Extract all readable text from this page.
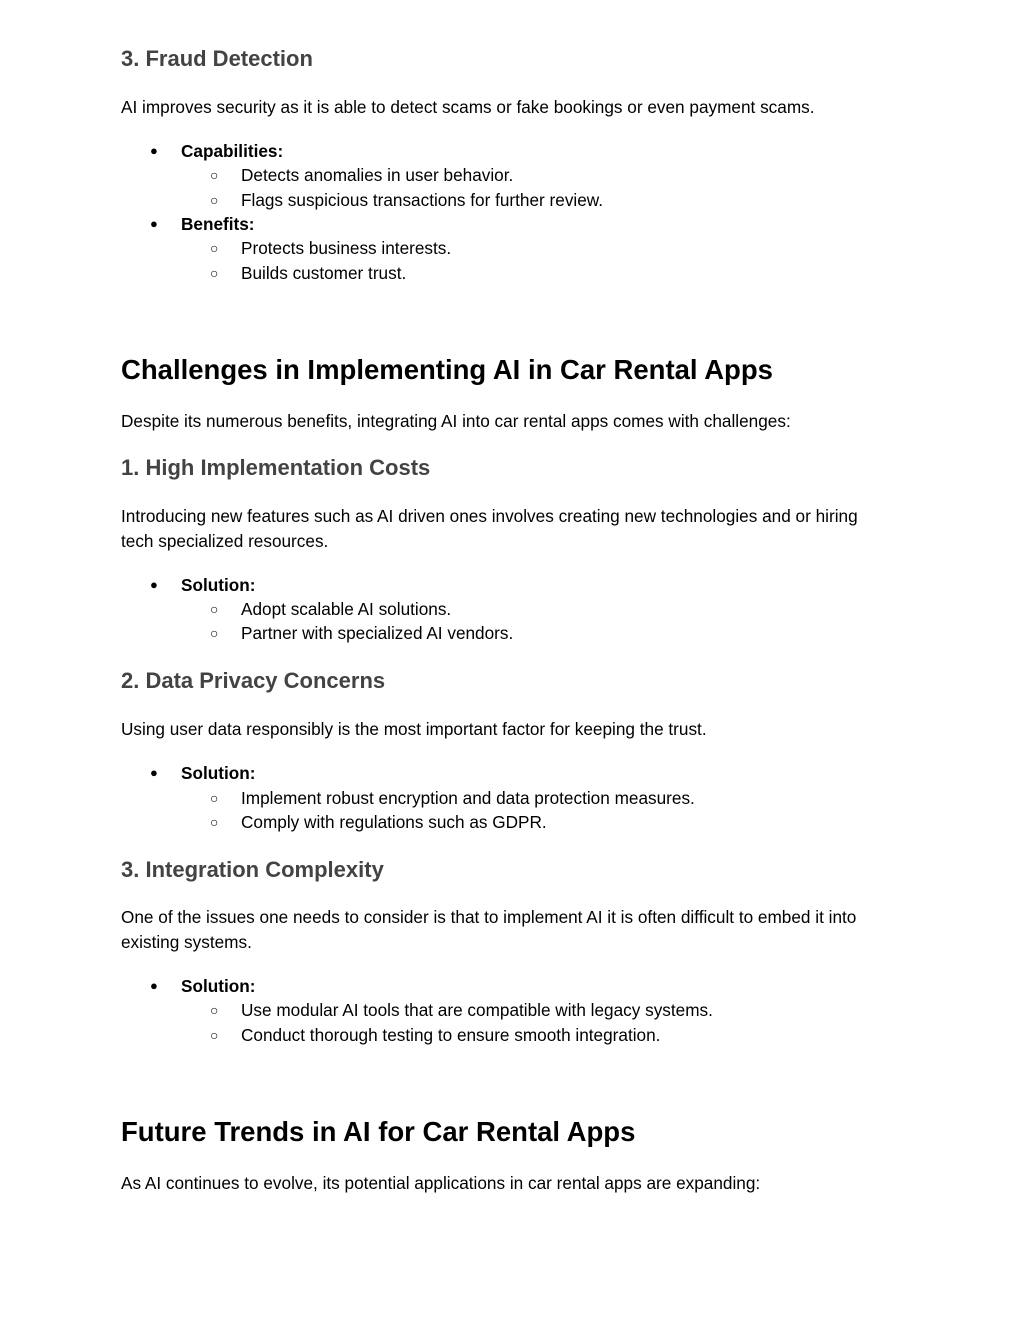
3. Fraud Detection

AI improves security as it is able to detect scams or fake bookings or even payment scams.

● Capabilities:
○ Detects anomalies in user behavior.
○ Flags suspicious transactions for further review.
● Benefits:
○ Protects business interests.
○ Builds customer trust.
Challenges in Implementing AI in Car Rental Apps

Despite its numerous benefits, integrating AI into car rental apps comes with challenges:

1. High Implementation Costs

Introducing new features such as AI driven ones involves creating new technologies and or hiring tech specialized resources.

● Solution:
○ Adopt scalable AI solutions.
○ Partner with specialized AI vendors.
2. Data Privacy Concerns

Using user data responsibly is the most important factor for keeping the trust.

● Solution:
○ Implement robust encryption and data protection measures.
○ Comply with regulations such as GDPR.
3. Integration Complexity

One of the issues one needs to consider is that to implement AI it is often difficult to embed it into existing systems.

● Solution:
○ Use modular AI tools that are compatible with legacy systems.
○ Conduct thorough testing to ensure smooth integration.
Future Trends in AI for Car Rental Apps

As AI continues to evolve, its potential applications in car rental apps are expanding:
